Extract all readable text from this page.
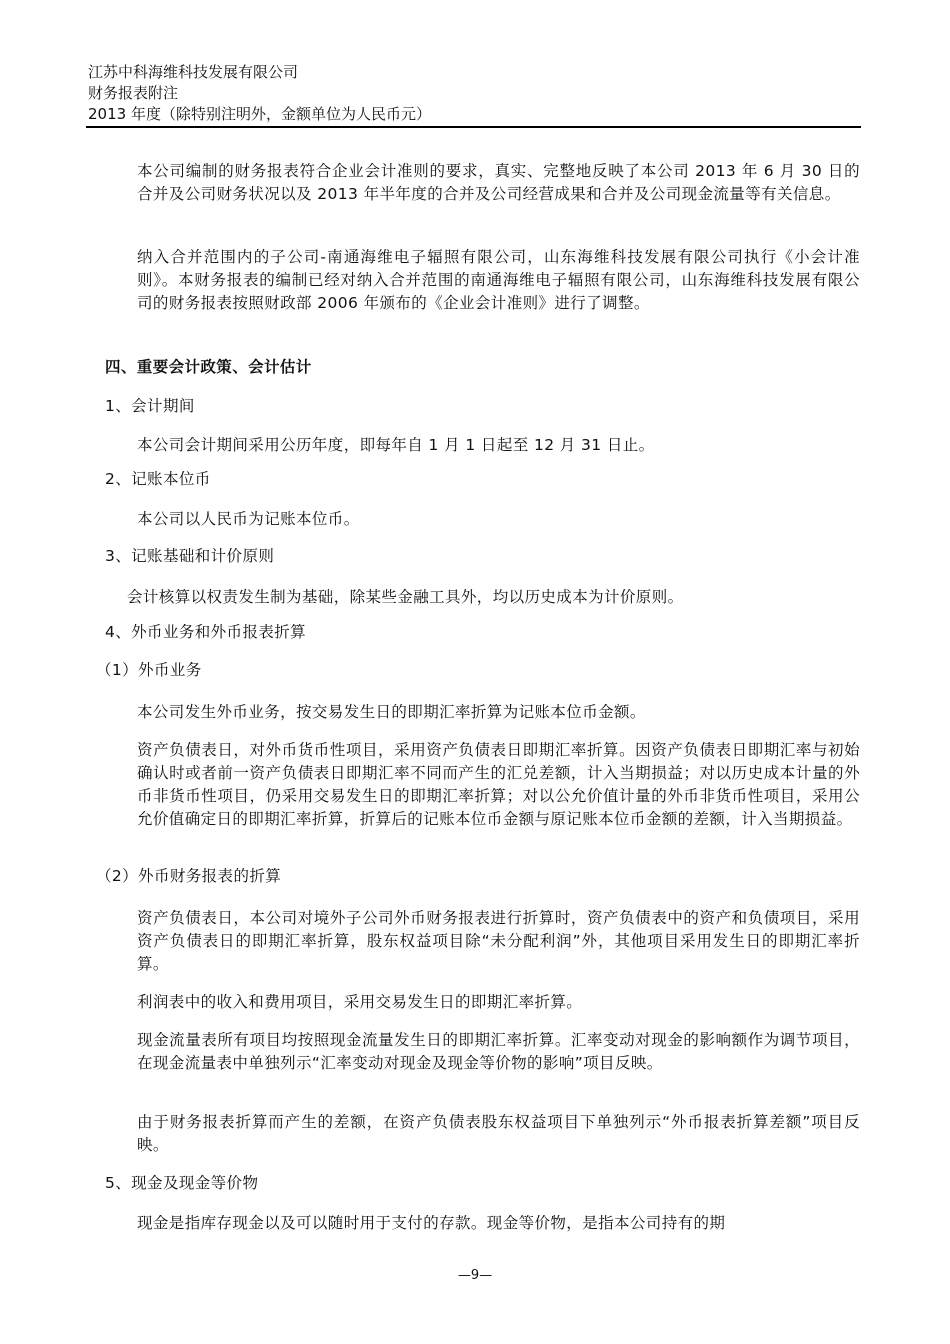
江苏中科海维科技发展有限公司
财务报表附注
2013 年度（除特别注明外，金额单位为人民币元）
本公司编制的财务报表符合企业会计准则的要求，真实、完整地反映了本公司 2013 年 6 月 30 日的合并及公司财务状况以及 2013 年半年度的合并及公司经营成果和合并及公司现金流量等有关信息。
纳入合并范围内的子公司-南通海维电子辐照有限公司，山东海维科技发展有限公司执行《小会计准则》。本财务报表的编制已经对纳入合并范围的南通海维电子辐照有限公司，山东海维科技发展有限公司的财务报表按照财政部 2006 年颁布的《企业会计准则》进行了调整。
四、重要会计政策、会计估计
1、会计期间
本公司会计期间采用公历年度，即每年自 1 月 1 日起至 12 月 31 日止。
2、记账本位币
本公司以人民币为记账本位币。
3、记账基础和计价原则
会计核算以权责发生制为基础，除某些金融工具外，均以历史成本为计价原则。
4、外币业务和外币报表折算
（1）外币业务
本公司发生外币业务，按交易发生日的即期汇率折算为记账本位币金额。
资产负债表日，对外币货币性项目，采用资产负债表日即期汇率折算。因资产负债表日即期汇率与初始确认时或者前一资产负债表日即期汇率不同而产生的汇兑差额，计入当期损益；对以历史成本计量的外币非货币性项目，仍采用交易发生日的即期汇率折算；对以公允价值计量的外币非货币性项目，采用公允价值确定日的即期汇率折算，折算后的记账本位币金额与原记账本位币金额的差额，计入当期损益。
（2）外币财务报表的折算
资产负债表日，本公司对境外子公司外币财务报表进行折算时，资产负债表中的资产和负债项目，采用资产负债表日的即期汇率折算，股东权益项目除“未分配利润”外，其他项目采用发生日的即期汇率折算。
利润表中的收入和费用项目，采用交易发生日的即期汇率折算。
现金流量表所有项目均按照现金流量发生日的即期汇率折算。汇率变动对现金的影响额作为调节项目，在现金流量表中单独列示“汇率变动对现金及现金等价物的影响”项目反映。
由于财务报表折算而产生的差额，在资产负债表股东权益项目下单独列示“外币报表折算差额”项目反映。
5、现金及现金等价物
现金是指库存现金以及可以随时用于支付的存款。现金等价物，是指本公司持有的期
—9—
